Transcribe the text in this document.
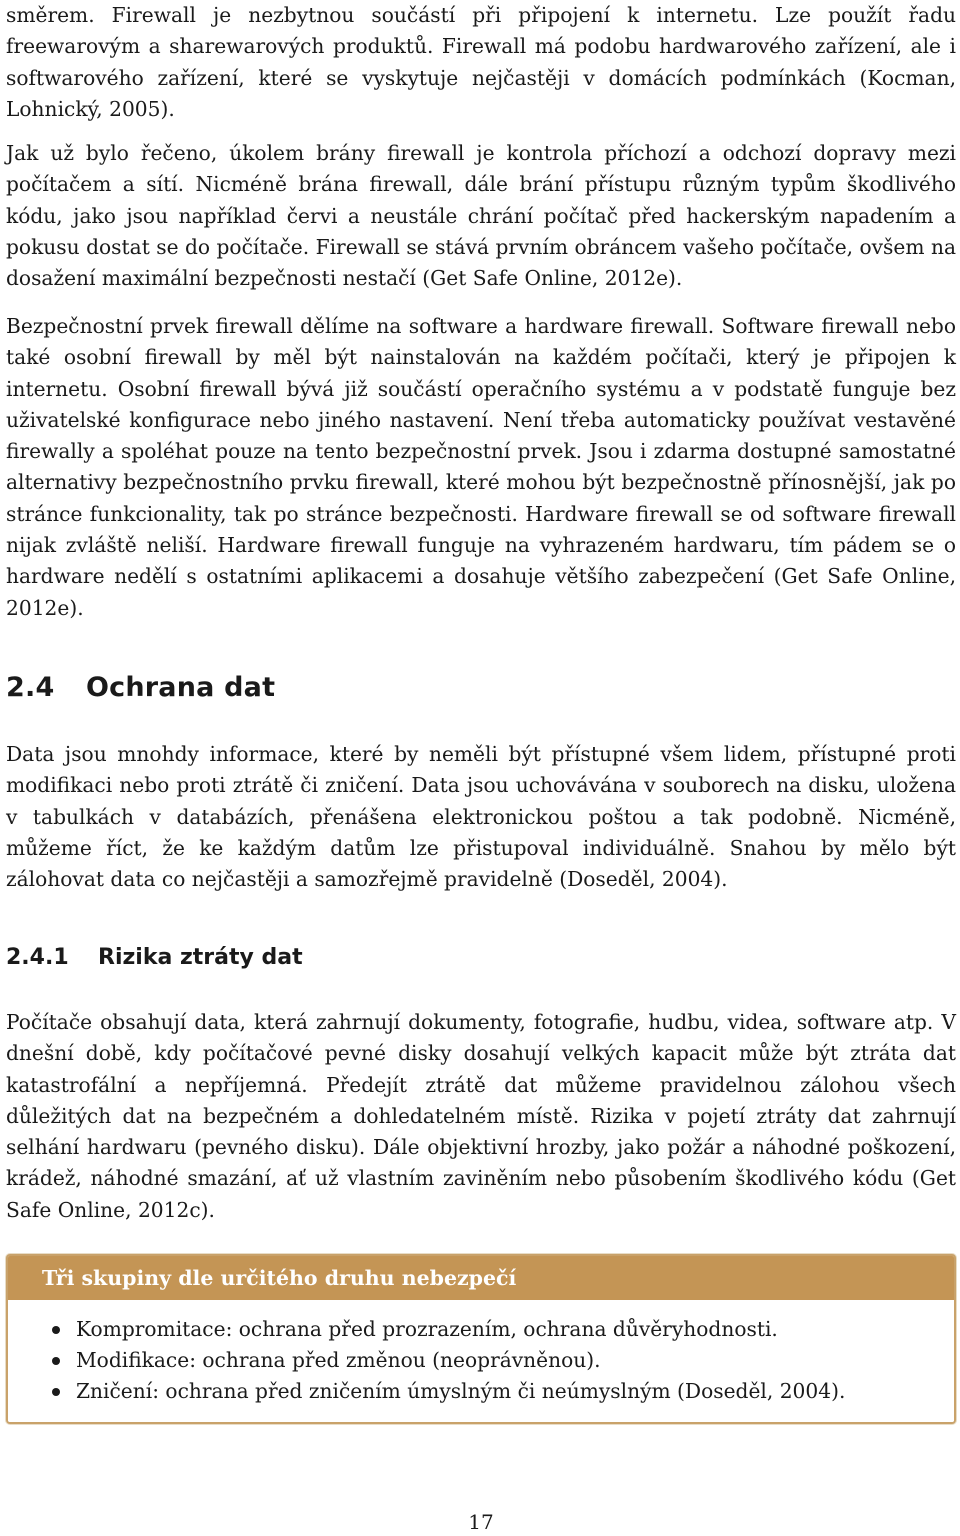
směrem. Firewall je nezbytnou součástí při připojení k internetu. Lze použít řadu freewarovým a sharewarových produktů. Firewall má podobu hardwarového zařízení, ale i softwarového zařízení, které se vyskytuje nejčastěji v domácích podmínkách (Kocman, Lohnický, 2005).

Jak už bylo řečeno, úkolem brány firewall je kontrola příchozí a odchozí dopravy mezi počítačem a sítí. Nicméně brána firewall, dále brání přístupu různým typům škodlivého kódu, jako jsou například červi a neustále chrání počítač před hackerským napadením a pokusu dostat se do počítače. Firewall se stává prvním obráncem vašeho počítače, ovšem na dosažení maximální bezpečnosti nestačí (Get Safe Online, 2012e).

Bezpečnostní prvek firewall dělíme na software a hardware firewall. Software firewall nebo také osobní firewall by měl být nainstalován na každém počítači, který je připojen k internetu. Osobní firewall bývá již součástí operačního systému a v podstatě funguje bez uživatelské konfigurace nebo jiného nastavení. Není třeba automaticky používat vestavěné firewally a spoléhat pouze na tento bezpečnostní prvek. Jsou i zdarma dostupné samostatné alternativy bezpečnostního prvku firewall, které mohou být bezpečnostně přínosnější, jak po stránce funkcionality, tak po stránce bezpečnosti. Hardware firewall se od software firewall nijak zvláště neliší. Hardware firewall funguje na vyhrazeném hardwaru, tím pádem se o hardware nedělí s ostatními aplikacemi a dosahuje většího zabezpečení (Get Safe Online, 2012e).

2.4 Ochrana dat

Data jsou mnohdy informace, které by neměli být přístupné všem lidem, přístupné proti modifikaci nebo proti ztrátě či zničení. Data jsou uchovávána v souborech na disku, uložena v tabulkách v databázích, přenášena elektronickou poštou a tak podobně. Nicméně, můžeme říct, že ke každým datům lze přistupoval individuálně. Snahou by mělo být zálohovat data co nejčastěji a samozřejmě pravidelně (Doseděl, 2004).

2.4.1 Rizika ztráty dat

Počítače obsahují data, která zahrnují dokumenty, fotografie, hudbu, videa, software atp. V dnešní době, kdy počítačové pevné disky dosahují velkých kapacit může být ztráta dat katastrofální a nepříjemná. Předejít ztrátě dat můžeme pravidelnou zálohou všech důležitých dat na bezpečném a dohledatelném místě. Rizika v pojetí ztráty dat zahrnují selhání hardwaru (pevného disku). Dále objektivní hrozby, jako požár a náhodné poškození, krádež, náhodné smazání, ať už vlastním zaviněním nebo působením škodlivého kódu (Get Safe Online, 2012c).

Tři skupiny dle určitého druhu nebezpečí
Kompromitace: ochrana před prozrazením, ochrana důvěryhodnosti.
Modifikace: ochrana před změnou (neoprávněnou).
Zničení: ochrana před zničením úmyslným či neúmyslným (Doseděl, 2004).
17
